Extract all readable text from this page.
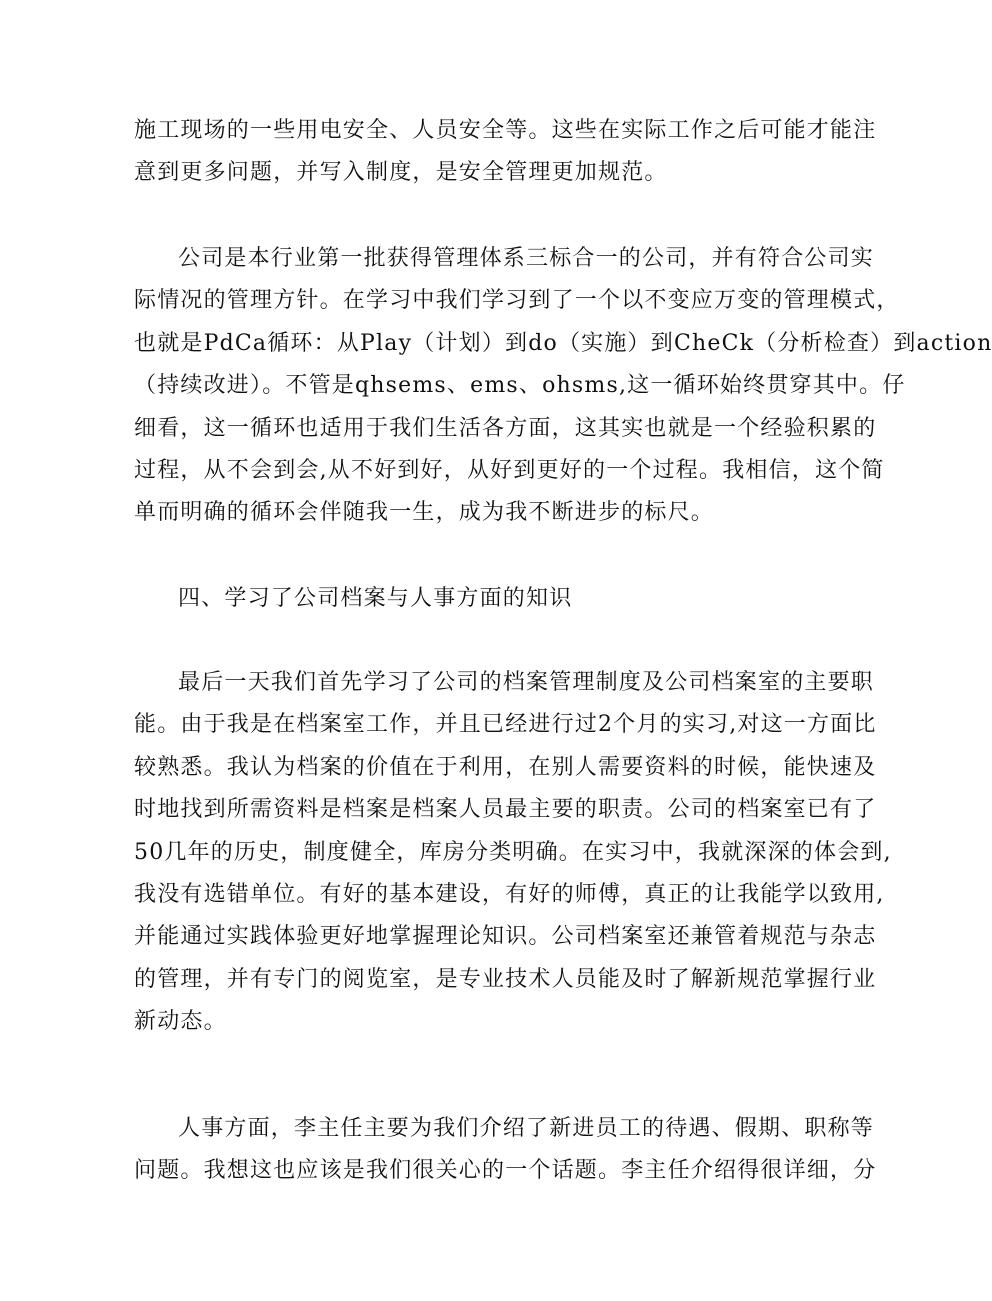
施工现场的一些用电安全、人员安全等。这些在实际工作之后可能才能注
意到更多问题，并写入制度，是安全管理更加规范。
公司是本行业第一批获得管理体系三标合一的公司，并有符合公司实
际情况的管理方针。在学习中我们学习到了一个以不变应万变的管理模式，
也就是PdCa循环：从Play（计划）到do（实施）到CheCk（分析检查）到action
（持续改进）。不管是qhsems、ems、ohsms,这一循环始终贯穿其中。仔
细看，这一循环也适用于我们生活各方面，这其实也就是一个经验积累的
过程，从不会到会,从不好到好，从好到更好的一个过程。我相信，这个简
单而明确的循环会伴随我一生，成为我不断进步的标尺。
四、学习了公司档案与人事方面的知识
最后一天我们首先学习了公司的档案管理制度及公司档案室的主要职
能。由于我是在档案室工作，并且已经进行过2个月的实习,对这一方面比
较熟悉。我认为档案的价值在于利用，在别人需要资料的时候，能快速及
时地找到所需资料是档案是档案人员最主要的职责。公司的档案室已有了
50几年的历史，制度健全，库房分类明确。在实习中，我就深深的体会到,
我没有选错单位。有好的基本建设，有好的师傅，真正的让我能学以致用,
并能通过实践体验更好地掌握理论知识。公司档案室还兼管着规范与杂志
的管理，并有专门的阅览室，是专业技术人员能及时了解新规范掌握行业
新动态。
人事方面，李主任主要为我们介绍了新进员工的待遇、假期、职称等
问题。我想这也应该是我们很关心的一个话题。李主任介绍得很详细，分
